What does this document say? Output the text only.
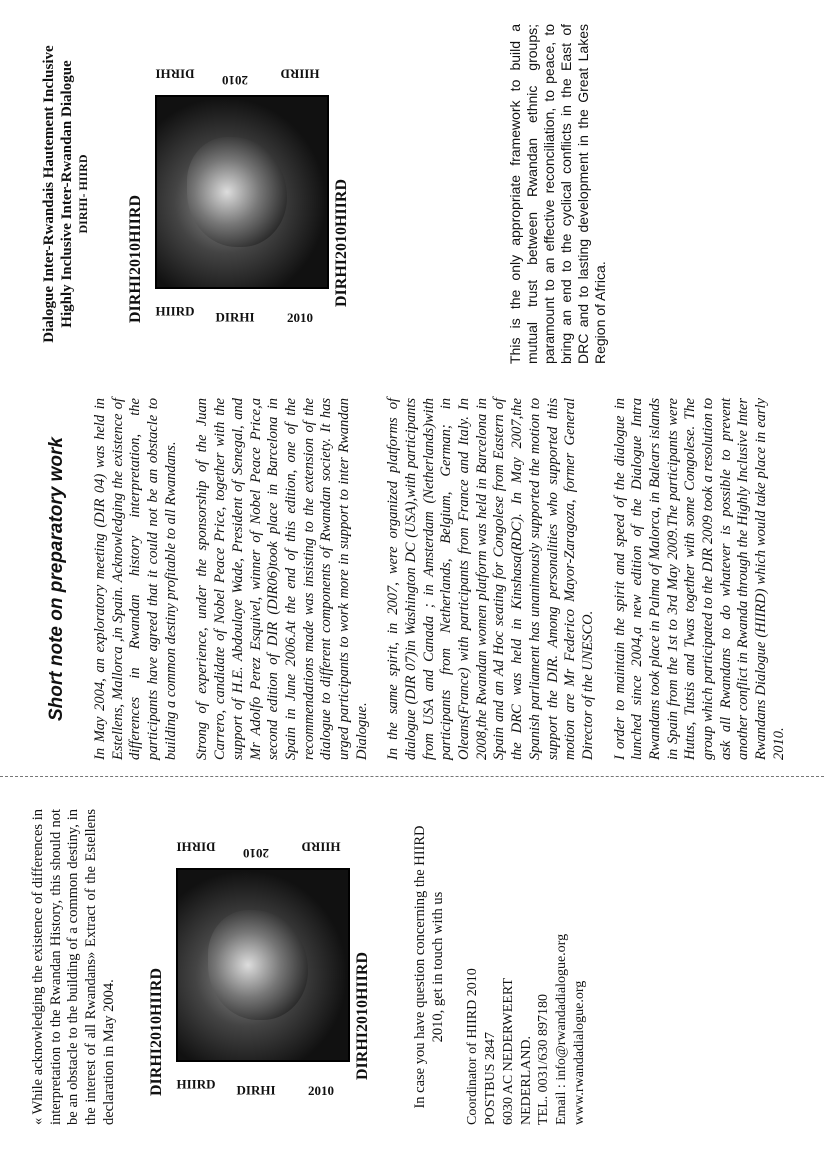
« While acknowledging the existence of differences in interpretation to the Rwandan History, this should not be an obstacle to the building of a common destiny, in the interest of all Rwandans» Extract of the Estellens declaration in May 2004. DIRHI2010HIIRD	DIRHI
HIIRD	2010
DIRHI 2010 HIIRD
DIRHI2010HIIRD	In case you have question concerning the HIIRD 2010, get in touch with us

Coordinator of HIIRD 2010 POSTBUS 2847 6030 AC NEDERWEERT NEDERLAND. TEL. 0031/630 897180 Email : info@rwandadialogue.org www.rwandadialogue.org
Short note on preparatory work In May 2004, an exploratory meeting (DIR 04) was held in Estellens, Mallorca ,in Spain. Acknowledging the existence of differences in Rwandan history interpretation, the participants have agreed that it could not be an obstacle to building a common destiny profitable to all Rwandans. Strong of experience, under the sponsorship of the Juan Carrero, candidate of Nobel Peace Price, together with the support of H.E. Abdoulaye Wade, President of Senegal, and Mr Adolfo Perez Esquivel, winner of Nobel Peace Price,a second edition of DIR (DIR06)took place in Barcelona in Spain in June 2006.At the end of this edition, one of the recommendations made was insisting to the extension of the dialogue to different components of Rwandan society. It has urged participants to work more in support to inter Rwandan Dialogue. In the same spirit, in 2007, were organized platforms of dialogue (DIR 07)in Washington DC (USA),with participants from USA and Canada ; in Amsterdam (Netherlands)with participants from Netherlands, Belgium, German; in Oleans(France) with participants from France and Italy. In 2008,the Rwandan women platform was held in Barcelona in Spain and an Ad Hoc seating for Congolese from Eastern of the DRC was held in Kinshasa(RDC). In May 2007,the Spanish parliament has unanimously supported the motion to support the DIR. Among personalities who supported this motion are Mr Federico Mayor-Zaragoza, former General Director of the UNESCO. I order to maintain the spirit and speed of the dialogue in lunched since 2004,a new edition of the Dialogue Intra Rwandans took place in Palma of Malorca, in Balears islands in Spain from the 1st to 3rd May 2009.The participants were Hutus, Tutsis and Twas together with some Congolese. The group which participated to the DIR 2009 took a resolution to ask all Rwandans to do whatever is possible to prevent another conflict in Rwanda through the Highly Inclusive Inter Rwandans Dialogue (HIIRD) which would take place in early 2010.

Dialogue Inter-Rwandais Hautement Inclusive Highly Inclusive Inter-Rwandan Dialogue DIRHI- HIIRD

DIRHI2010HIIRD	DIRHI
HIIRD	2010
DIRHI 2010 HIIRD
DIRHI2010HIIRD	This is the only appropriate framework to build a mutual trust between Rwandan ethnic groups; paramount to an effective reconciliation, to peace, to bring an end to the cyclical conflicts in the East of DRC and to lasting development in the Great Lakes Region of Africa.
